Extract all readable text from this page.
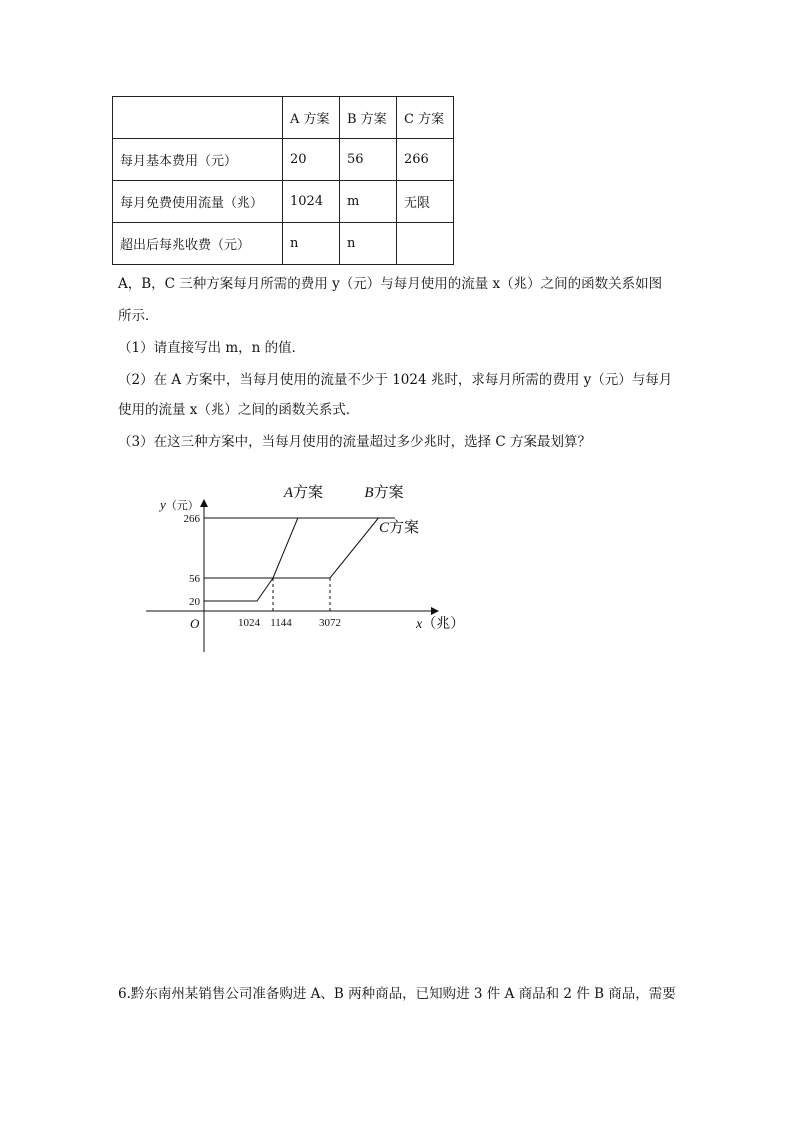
	A 方案	B 方案	C 方案
每月基本费用（元）	20	56	266
每月免费使用流量（兆）	1024	m	无限
超出后每兆收费（元）	n	n	
A，B，C 三种方案每月所需的费用 y（元）与每月使用的流量 x（兆）之间的函数关系如图
所示．
（1）请直接写出 m，n 的值．
（2）在 A 方案中，当每月使用的流量不少于 1024 兆时，求每月所需的费用 y（元）与每月
使用的流量 x（兆）之间的函数关系式．
（3）在这三种方案中，当每月使用的流量超过多少兆时，选择 C 方案最划算？
A方案	B方案
C方案
266
56
20
1024 1144 3072
O
y（元）
x（兆）
6.黔东南州某销售公司准备购进 A、B 两种商品，已知购进 3 件 A 商品和 2 件 B 商品，需要
